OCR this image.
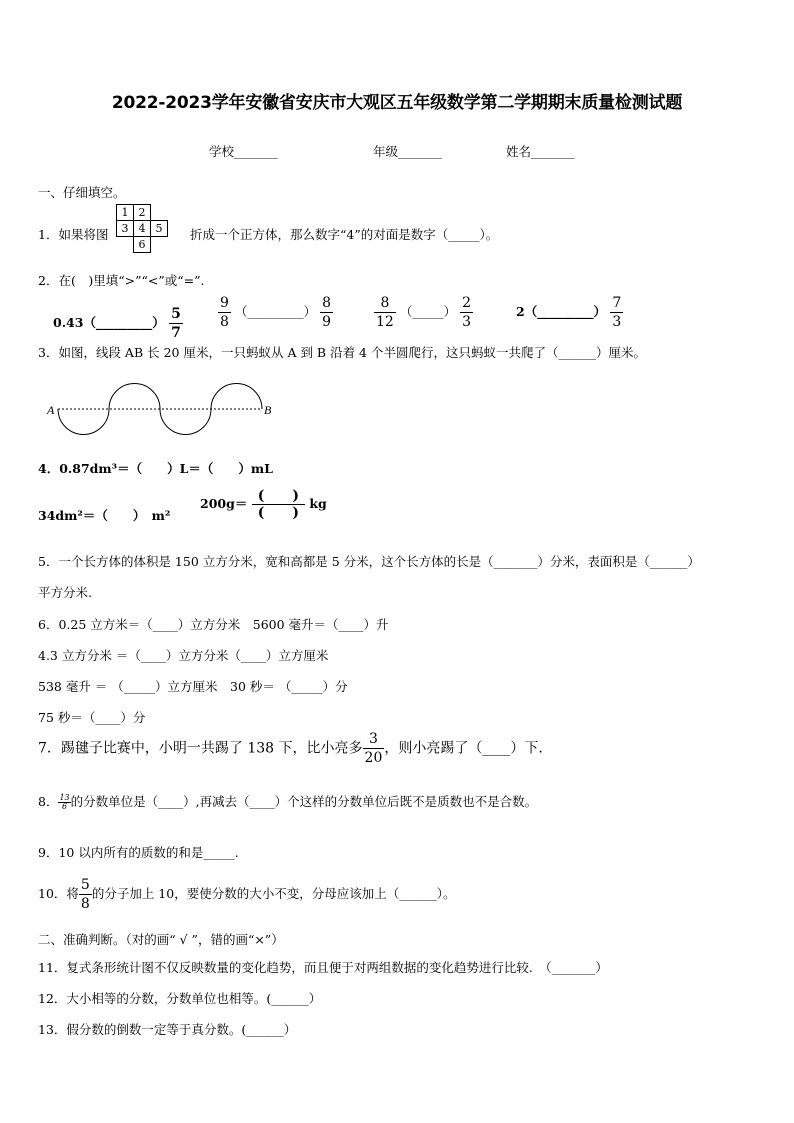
2022-2023学年安徽省安庆市大观区五年级数学第二学期期末质量检测试题
学校_______	年级_______	姓名_______
一、仔细填空。
1．如果将图
1	2		
3	4	5	
	6		
折成一个正方体，那么数字“4”的对面是数字（_____）。
2．在(　)里填“>”“<”或“=”.
0.43（_________） $\frac{5}{7}$	$\frac{9}{8}$ （_________） $\frac{8}{9}$	$\frac{8}{12}$ （_____） $\frac{2}{3}$	2（_________） $\frac{7}{3}$
3．如图，线段 AB 长 20 厘米，一只蚂蚁从 A 到 B 沿着 4 个半圆爬行，这只蚂蚁一共爬了（______）厘米。
A	B
4．0.87dm³＝（　　）L＝（　　）mL
34dm²＝（　　）　m²
$200g= \frac{( )}{( )}$ kg
5．一个长方体的体积是 150 立方分米，宽和高都是 5 分米，这个长方体的长是（_______）分米，表面积是（______）
平方分米.
6．0.25 立方米＝（____）立方分米　5600 毫升＝（____）升
4.3 立方分米 ＝（____）立方分米（____）立方厘米
538 毫升 ＝ （_____）立方厘米　30 秒＝ （_____）分
75 秒＝（____）分
7．踢毽子比赛中，小明一共踢了 138 下，比小亮多 $\frac{3}{20}$ ，则小亮踢了（____）下.
8． $\frac{13}{6}$ 的分数单位是（____）,再减去（____）个这样的分数单位后既不是质数也不是合数。
9．10 以内所有的质数的和是_____.
10．将 $\frac{5}{8}$ 的分子加上 10，要使分数的大小不变，分母应该加上（______）。
二、准确判断。（对的画“ √ ”，错的画“×”）
11．复式条形统计图不仅反映数量的变化趋势，而且便于对两组数据的变化趋势进行比较.　（_______）
12．大小相等的分数，分数单位也相等。(______）
13．假分数的倒数一定等于真分数。(______）
